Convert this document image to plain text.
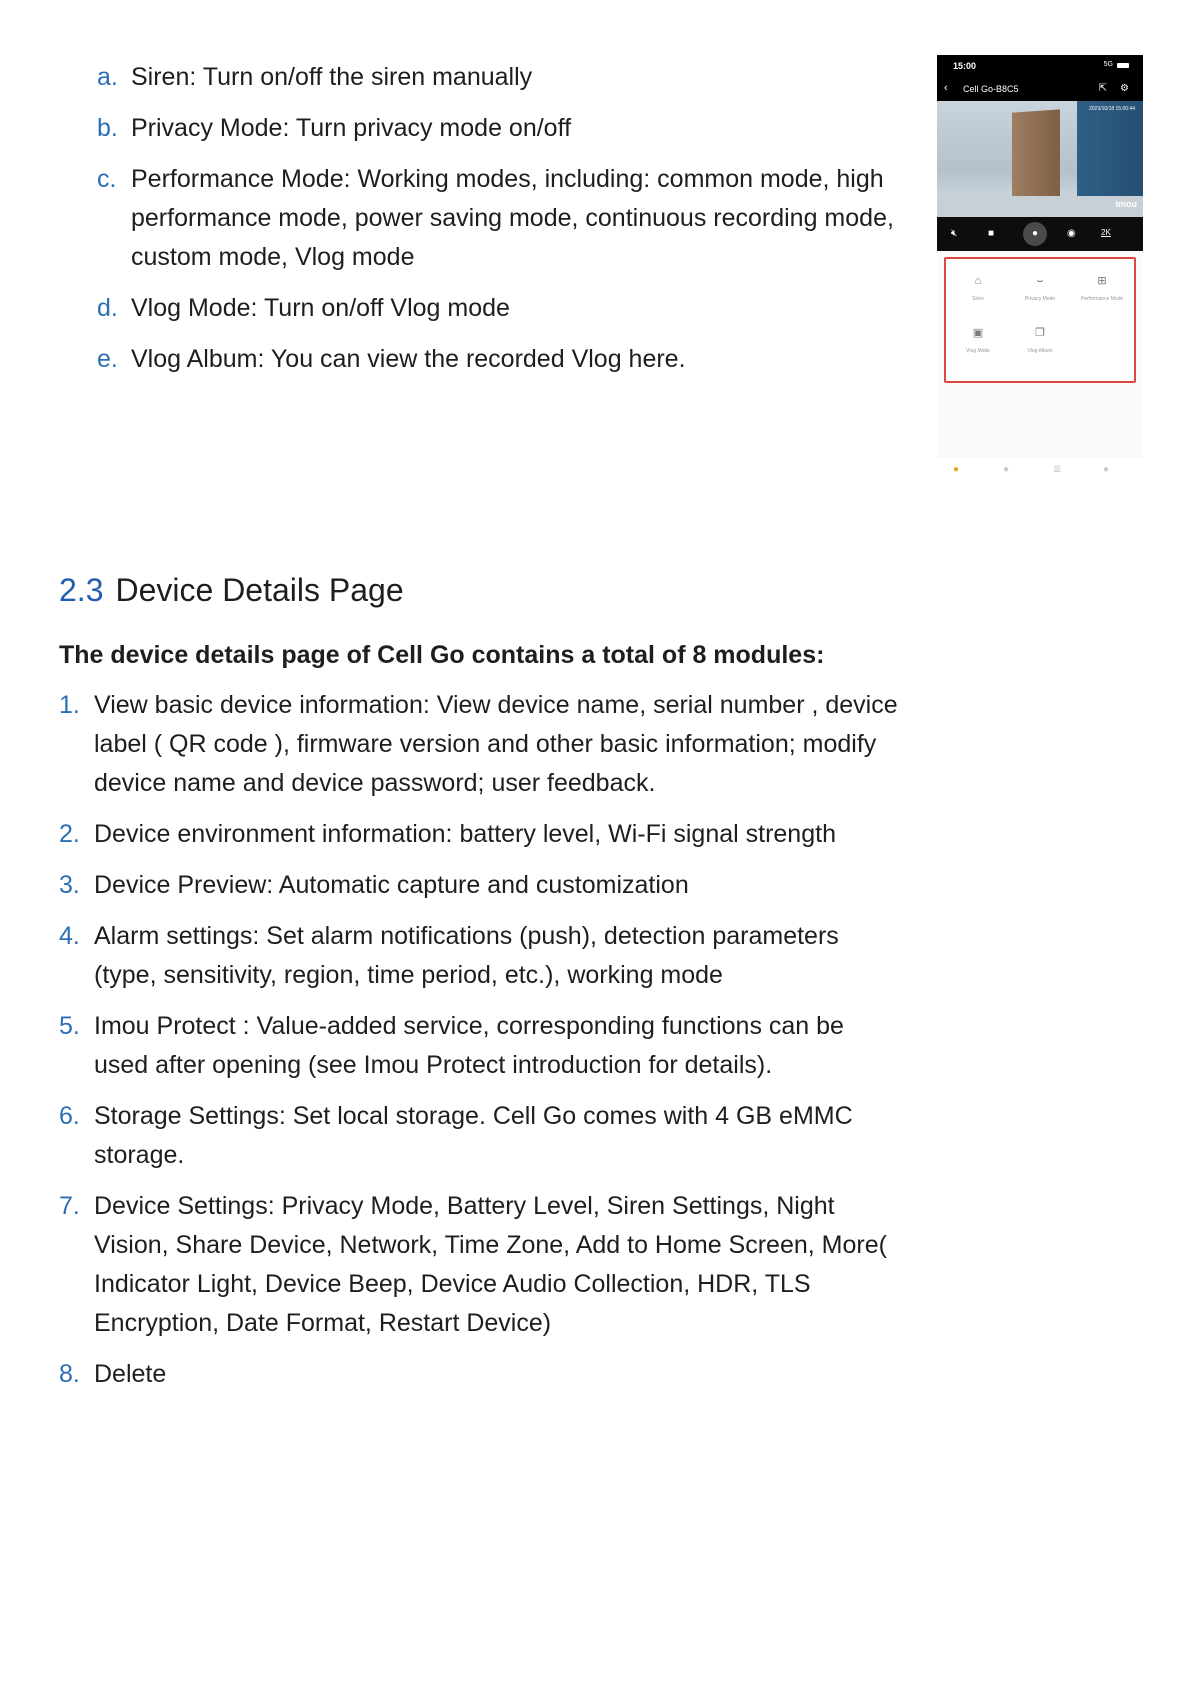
a. Siren: Turn on/off the siren manually
b. Privacy Mode: Turn privacy mode on/off
c. Performance Mode: Working modes, including: common mode, high performance mode, power saving mode, continuous recording mode, custom mode, Vlog mode
d. Vlog Mode: Turn on/off Vlog mode
e. Vlog Album: You can view the recorded Vlog here.
15:00	5G
‹ Cell Go-B8C5	⇱ ⚙
2023/10/18 15:00:44
imou
🔇︎	■	●	◉	2K
⌂
Siren
⌣
Privacy Mode
⊞
Performance Mode
▣
Vlog Mode
❐
Vlog Album
●	●	≣	●
2.3 Device Details Page
The device details page of Cell Go contains a total of 8 modules:
1. View basic device information: View device name, serial number , device label ( QR code ), firmware version and other basic information; modify device name and device password; user feedback.
2. Device environment information: battery level, Wi-Fi signal strength
3. Device Preview: Automatic capture and customization
4. Alarm settings: Set alarm notifications (push), detection parameters (type, sensitivity, region, time period, etc.), working mode
5. Imou Protect : Value-added service, corresponding functions can be used after opening (see Imou Protect introduction for details).
6. Storage Settings: Set local storage. Cell Go comes with 4 GB eMMC storage.
7. Device Settings: Privacy Mode, Battery Level, Siren Settings, Night Vision, Share Device, Network, Time Zone, Add to Home Screen, More( Indicator Light, Device Beep, Device Audio Collection, HDR, TLS Encryption, Date Format, Restart Device)
8. Delete
